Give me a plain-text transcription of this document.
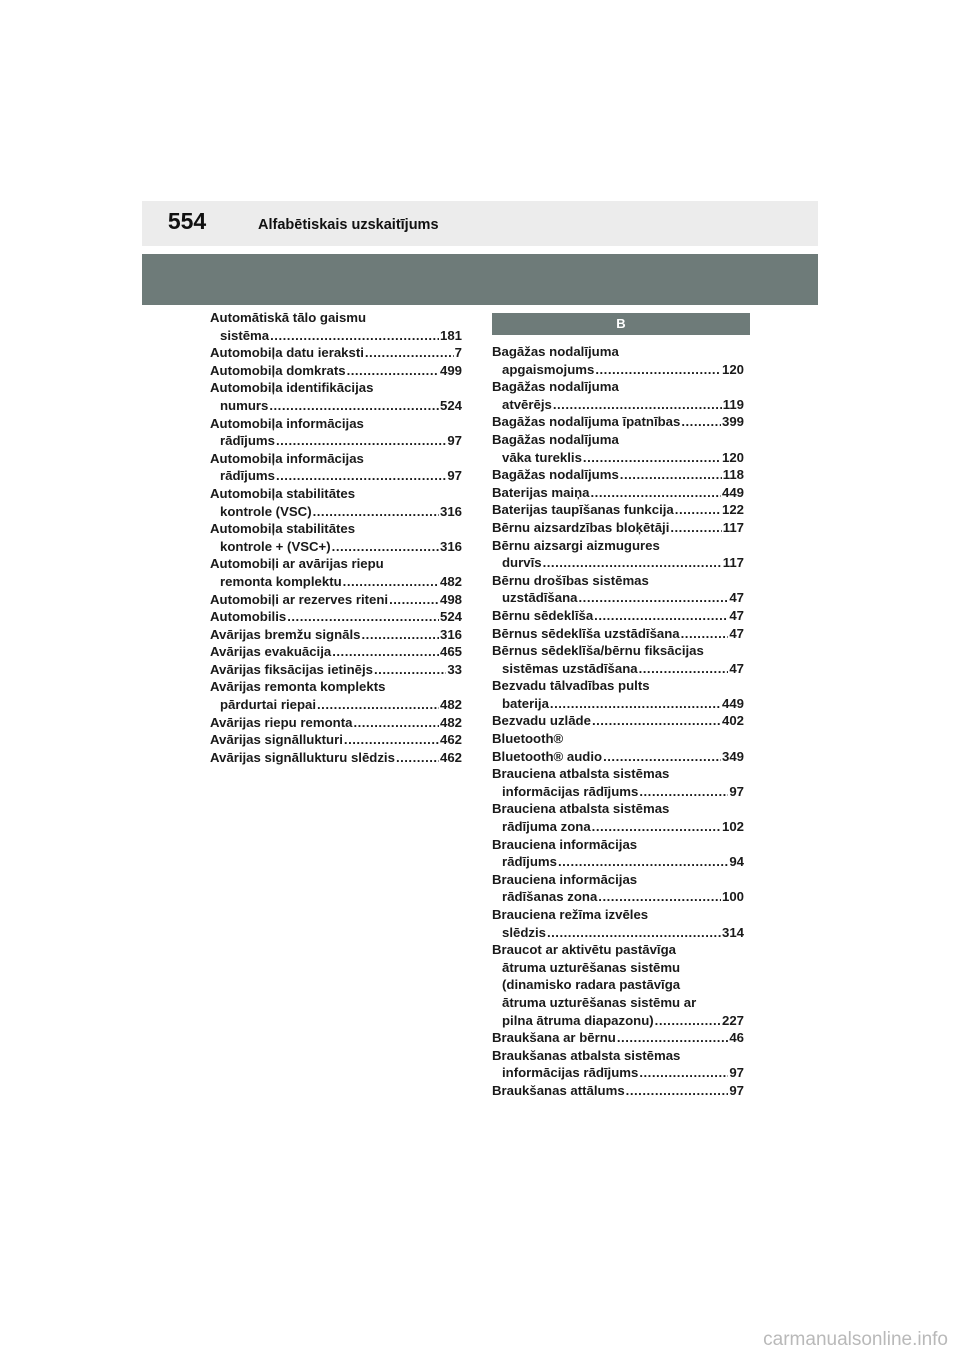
554	Alfabētiskais uzskaitījums
Automātiskā tālo gaismu
sistēma .....	181
Automobiļa datu ieraksti .....	7
Automobiļa domkrats .....	499
Automobiļa identifikācijas
numurs .....	524
Automobiļa informācijas
rādījums .....	97
Automobiļa informācijas
rādījums .....	97
Automobiļa stabilitātes
kontrole (VSC) .....	316
Automobiļa stabilitātes
kontrole + (VSC+) .....	316
Automobiļi ar avārijas riepu
remonta komplektu .....	482
Automobiļi ar rezerves riteni .....	498
Automobilis .....	524
Avārijas bremžu signāls .....	316
Avārijas evakuācija .....	465
Avārijas fiksācijas ietinējs .....	33
Avārijas remonta komplekts
pārdurtai riepai .....	482
Avārijas riepu remonta .....	482
Avārijas signāllukturi .....	462
Avārijas signāllukturu slēdzis .....	462
B
Bagāžas nodalījuma
apgaismojums .....	120
Bagāžas nodalījuma
atvērējs .....	119
Bagāžas nodalījuma īpatnības .....	399
Bagāžas nodalījuma
vāka tureklis .....	120
Bagāžas nodalījums .....	118
Baterijas maiņa .....	449
Baterijas taupīšanas funkcija .....	122
Bērnu aizsardzības bloķētāji .....	117
Bērnu aizsargi aizmugures
durvīs .....	117
Bērnu drošības sistēmas
uzstādīšana .....	47
Bērnu sēdeklīša .....	47
Bērnus sēdeklīša uzstādīšana .....	47
Bērnus sēdeklīša/bērnu fiksācijas
sistēmas uzstādīšana .....	47
Bezvadu tālvadības pults
baterija .....	449
Bezvadu uzlāde .....	402
Bluetooth®
Bluetooth® audio .....	349
Brauciena atbalsta sistēmas
informācijas rādījums .....	97
Brauciena atbalsta sistēmas
rādījuma zona .....	102
Brauciena informācijas
rādījums .....	94
Brauciena informācijas
rādīšanas zona .....	100
Brauciena režīma izvēles
slēdzis .....	314
Braucot ar aktivētu pastāvīga
ātruma uzturēšanas sistēmu
(dinamisko radara pastāvīga
ātruma uzturēšanas sistēmu ar
pilna ātruma diapazonu) .....	227
Braukšana ar bērnu .....	46
Braukšanas atbalsta sistēmas
informācijas rādījums .....	97
Braukšanas attālums .....	97
carmanualsonline.info
